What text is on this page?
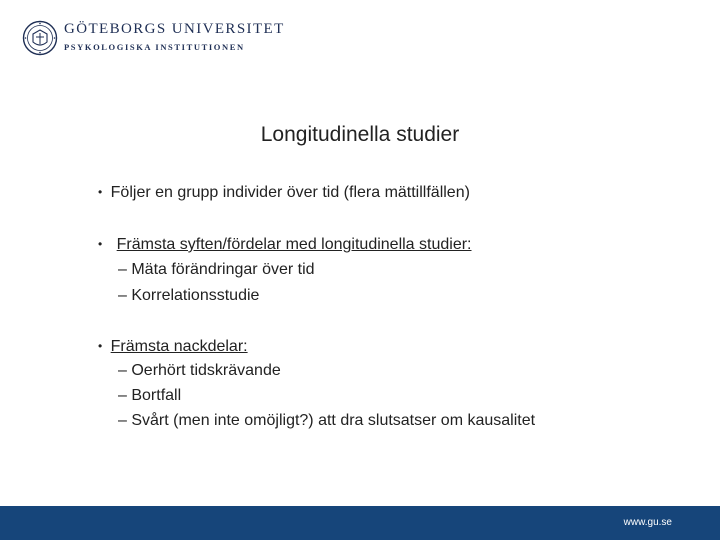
GÖTEBORGS UNIVERSITET
PSYKOLOGISKA INSTITUTIONEN
Longitudinella studier
• Följer en grupp individer över tid (flera mättillfällen)
• Främsta syften/fördelar med longitudinella studier:
– Mäta förändringar över tid
– Korrelationsstudie
• Främsta nackdelar:
– Oerhört tidskrävande
– Bortfall
– Svårt (men inte omöjligt?) att dra slutsatser om kausalitet
www.gu.se
